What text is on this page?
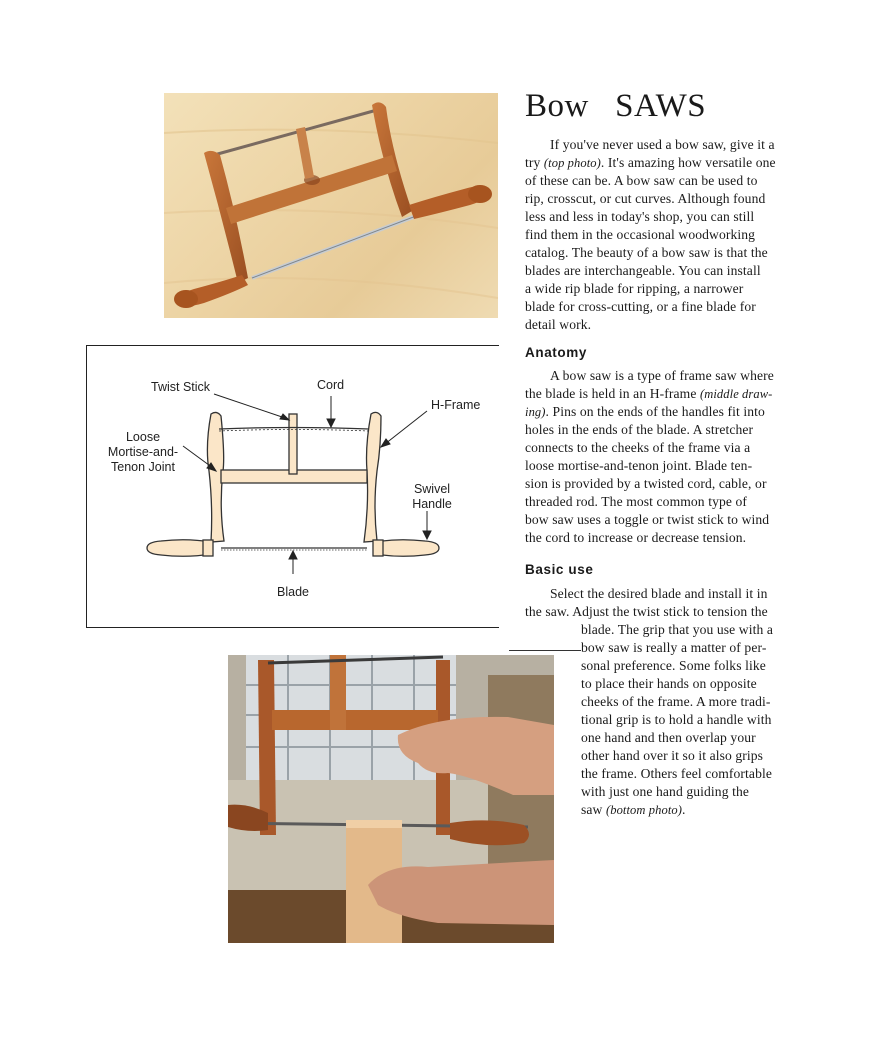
Twist Stick	Cord
H-Frame
Loose
Mortise-and-
Tenon Joint
Swivel
Handle
Blade
Bow   SAWS
If you've never used a bow saw, give it a
try (top photo). It's amazing how versatile one
of these can be. A bow saw can be used to
rip, crosscut, or cut curves. Although found
less and less in today's shop, you can still
find them in the occasional woodworking
catalog. The beauty of a bow saw is that the
blades are interchangeable. You can install
a wide rip blade for ripping, a narrower
blade for cross-cutting, or a fine blade for
detail work.
Anatomy
A bow saw is a type of frame saw where
the blade is held in an H-frame (middle draw-
ing). Pins on the ends of the handles fit into
holes in the ends of the blade. A stretcher
connects to the cheeks of the frame via a
loose mortise-and-tenon joint. Blade ten-
sion is provided by a twisted cord, cable, or
threaded rod. The most common type of
bow saw uses a toggle or twist stick to wind
the cord to increase or decrease tension.
Basic use
Select the desired blade and install it in
the saw. Adjust the twist stick to tension the
blade. The grip that you use with a
bow saw is really a matter of per-
sonal preference. Some folks like
to place their hands on opposite
cheeks of the frame. A more tradi-
tional grip is to hold a handle with
one hand and then overlap your
other hand over it so it also grips
the frame. Others feel comfortable
with just one hand guiding the
saw (bottom photo).
